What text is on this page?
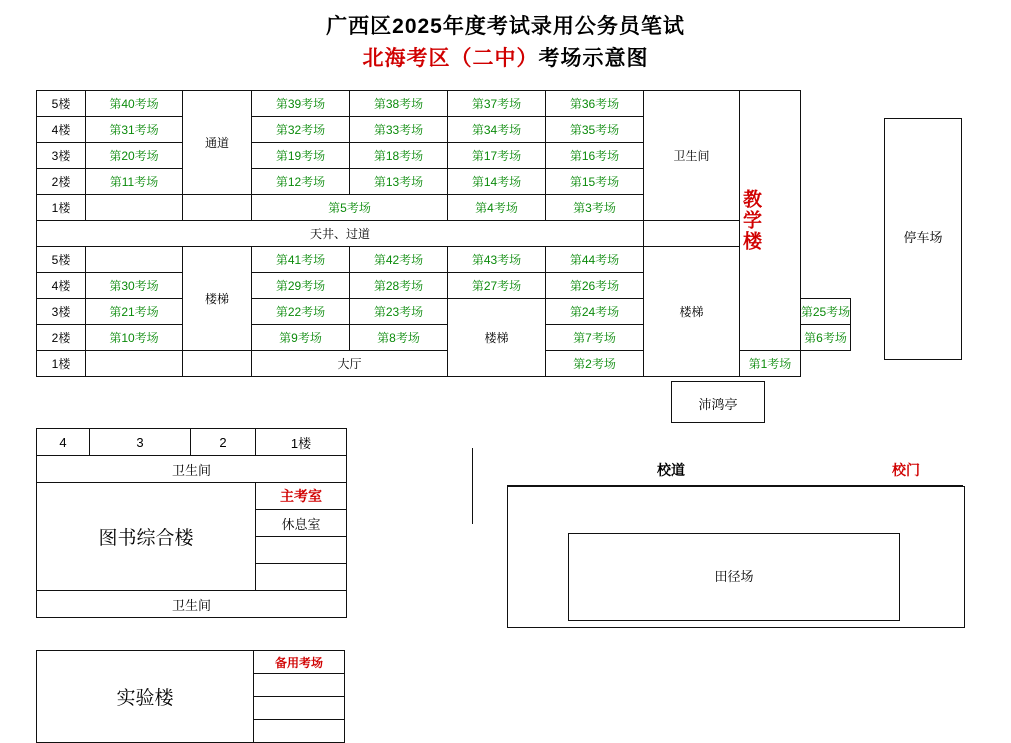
广西区2025年度考试录用公务员笔试
北海考区（二中）考场示意图
5楼	第40考场	通道	第39考场	第38考场	第37考场	第36考场	卫生间	教学楼	

4楼	第31考场		第32考场	第33考场	第34考场	第35考场			
3楼	第20考场		第19考场	第18考场	第17考场	第16考场			
2楼	第11考场		第12考场	第13考场	第14考场	第15考场			
1楼			第5考场		第4考场	第3考场			
天井、过道									
5楼		楼梯	第41考场	第42考场	第43考场	第44考场	楼梯		
4楼	第30考场		第29考场	第28考场	第27考场	第26考场			
3楼	第21考场		第22考场	第23考场	楼梯	第24考场			第25考场
2楼	第10考场		第9考场	第8考场		第7考场			第6考场
1楼			大厅			第2考场		第1考场	
停车场
沛鸿亭
4	3	2	1楼
卫生间			
图书综合楼			主考室
			休息室

卫生间			
实验楼	备用考场

校道	校门
田径场
